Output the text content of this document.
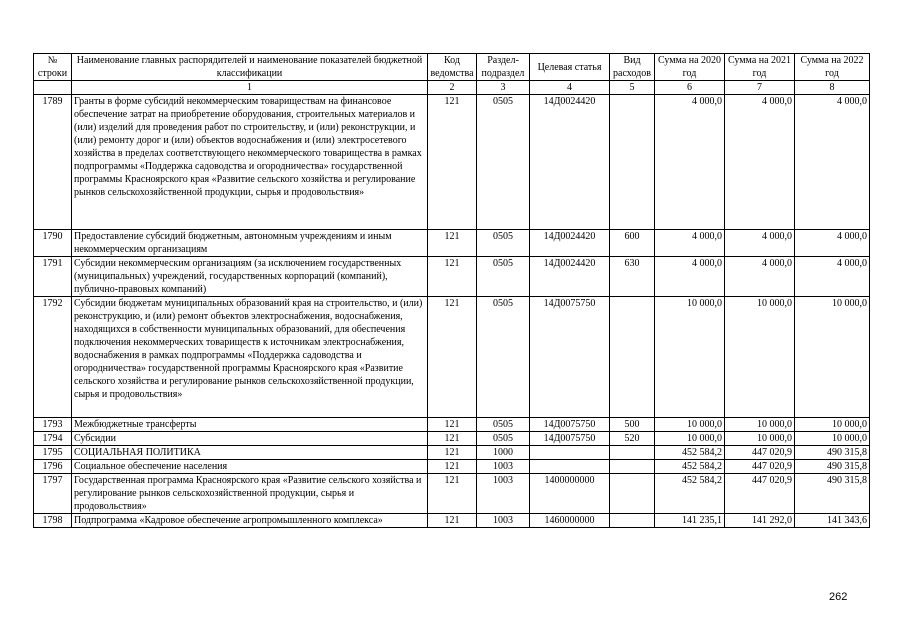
№ строки	Наименование главных распорядителей и наименование показателей бюджетной классификации	Код ведомства	Раздел-подраздел	Целевая статья	Вид расходов	Сумма на 2020 год	Сумма на 2021 год	Сумма на 2022 год
	1	2	3	4	5	6	7	8
1789	Гранты в форме субсидий некоммерческим товариществам на финансовое обеспечение затрат на приобретение оборудования, строительных материалов и (или) изделий для проведения работ по строительству, и (или) реконструкции, и (или) ремонту дорог и (или) объектов водоснабжения и (или) электросетевого хозяйства в пределах соответствующего некоммерческого товарищества в рамках подпрограммы «Поддержка садоводства и огородничества» государственной программы Красноярского края «Развитие сельского хозяйства и регулирование рынков сельскохозяйственной продукции, сырья и продовольствия»	121	0505	14Д0024420		4 000,0	4 000,0	4 000,0
1790	Предоставление субсидий бюджетным, автономным учреждениям и иным некоммерческим организациям	121	0505	14Д0024420	600	4 000,0	4 000,0	4 000,0
1791	Субсидии некоммерческим организациям (за исключением государственных (муниципальных) учреждений, государственных корпораций (компаний), публично-правовых компаний)	121	0505	14Д0024420	630	4 000,0	4 000,0	4 000,0
1792	Субсидии бюджетам муниципальных образований края на строительство, и (или) реконструкцию, и (или) ремонт объектов электроснабжения, водоснабжения, находящихся в собственности муниципальных образований, для обеспечения подключения некоммерческих товариществ к источникам электроснабжения, водоснабжения в рамках подпрограммы «Поддержка садоводства и огородничества» государственной программы Красноярского края «Развитие сельского хозяйства и регулирование рынков сельскохозяйственной продукции, сырья и продовольствия»	121	0505	14Д0075750		10 000,0	10 000,0	10 000,0
1793	Межбюджетные трансферты	121	0505	14Д0075750	500	10 000,0	10 000,0	10 000,0
1794	Субсидии	121	0505	14Д0075750	520	10 000,0	10 000,0	10 000,0
1795	СОЦИАЛЬНАЯ ПОЛИТИКА	121	1000			452 584,2	447 020,9	490 315,8
1796	Социальное обеспечение населения	121	1003			452 584,2	447 020,9	490 315,8
1797	Государственная программа Красноярского края «Развитие сельского хозяйства и регулирование рынков сельскохозяйственной продукции, сырья и продовольствия»	121	1003	1400000000		452 584,2	447 020,9	490 315,8
1798	Подпрограмма «Кадровое обеспечение агропромышленного комплекса»	121	1003	1460000000		141 235,1	141 292,0	141 343,6
262
